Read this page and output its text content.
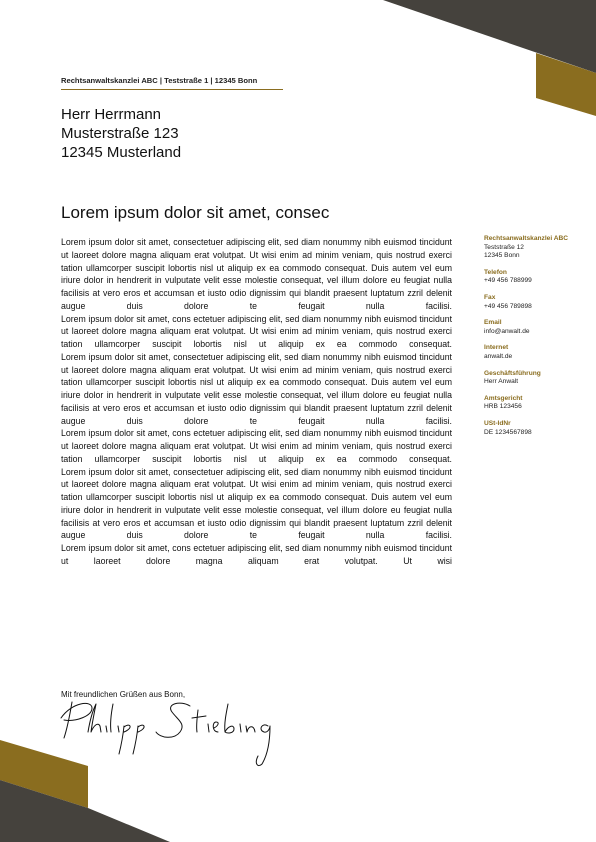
Rechtsanwaltskanzlei ABC | Teststraße 1 | 12345 Bonn
Herr Herrmann
Musterstraße 123
12345 Musterland
Lorem ipsum dolor sit amet, consec

Lorem ipsum dolor sit amet, consectetuer adipiscing elit, sed diam nonummy nibh euismod tincidunt ut laoreet dolore magna aliquam erat volutpat. Ut wisi enim ad minim veniam, quis nostrud exerci tation ullamcorper suscipit lobortis nisl ut aliquip ex ea commodo consequat. Duis autem vel eum iriure dolor in hendrerit in vulputate velit esse molestie consequat, vel illum dolore eu feugiat nulla facilisis at vero eros et accumsan et iusto odio dignissim qui blandit praesent luptatum zzril delenit augue duis dolore te feugait nulla facilisi.

Lorem ipsum dolor sit amet, cons ectetuer adipiscing elit, sed diam nonummy nibh euismod tincidunt ut laoreet dolore magna aliquam erat volutpat. Ut wisi enim ad minim veniam, quis nostrud exerci tation ullamcorper suscipit lobortis nisl ut aliquip ex ea commodo consequat.

Lorem ipsum dolor sit amet, consectetuer adipiscing elit, sed diam nonummy nibh euismod tincidunt ut laoreet dolore magna aliquam erat volutpat. Ut wisi enim ad minim veniam, quis nostrud exerci tation ullamcorper suscipit lobortis nisl ut aliquip ex ea commodo consequat. Duis autem vel eum iriure dolor in hendrerit in vulputate velit esse molestie consequat, vel illum dolore eu feugiat nulla facilisis at vero eros et accumsan et iusto odio dignissim qui blandit praesent luptatum zzril delenit augue duis dolore te feugait nulla facilisi.

Lorem ipsum dolor sit amet, cons ectetuer adipiscing elit, sed diam nonummy nibh euismod tincidunt ut laoreet dolore magna aliquam erat volutpat. Ut wisi enim ad minim veniam, quis nostrud exerci tation ullamcorper suscipit lobortis nisl ut aliquip ex ea commodo consequat.

Lorem ipsum dolor sit amet, consectetuer adipiscing elit, sed diam nonummy nibh euismod tincidunt ut laoreet dolore magna aliquam erat volutpat. Ut wisi enim ad minim veniam, quis nostrud exerci tation ullamcorper suscipit lobortis nisl ut aliquip ex ea commodo consequat. Duis autem vel eum iriure dolor in hendrerit in vulputate velit esse molestie consequat, vel illum dolore eu feugiat nulla facilisis at vero eros et accumsan et iusto odio dignissim qui blandit praesent luptatum zzril delenit augue duis dolore te feugait nulla facilisi.

Lorem ipsum dolor sit amet, cons ectetuer adipiscing elit, sed diam nonummy nibh euismod tincidunt ut laoreet dolore magna aliquam erat volutpat. Ut wisi

Rechtsanwaltskanzlei ABC
Teststraße 12
12345 Bonn
Telefon
+49 456 788999
Fax
+49 456 789898
Email
info@anwalt.de
Internet
anwalt.de
Geschäftsführung
Herr Anwalt
Amtsgericht
HRB 123456
USt-IdNr
DE 1234567898
Mit freundlichen Grüßen aus Bonn,
